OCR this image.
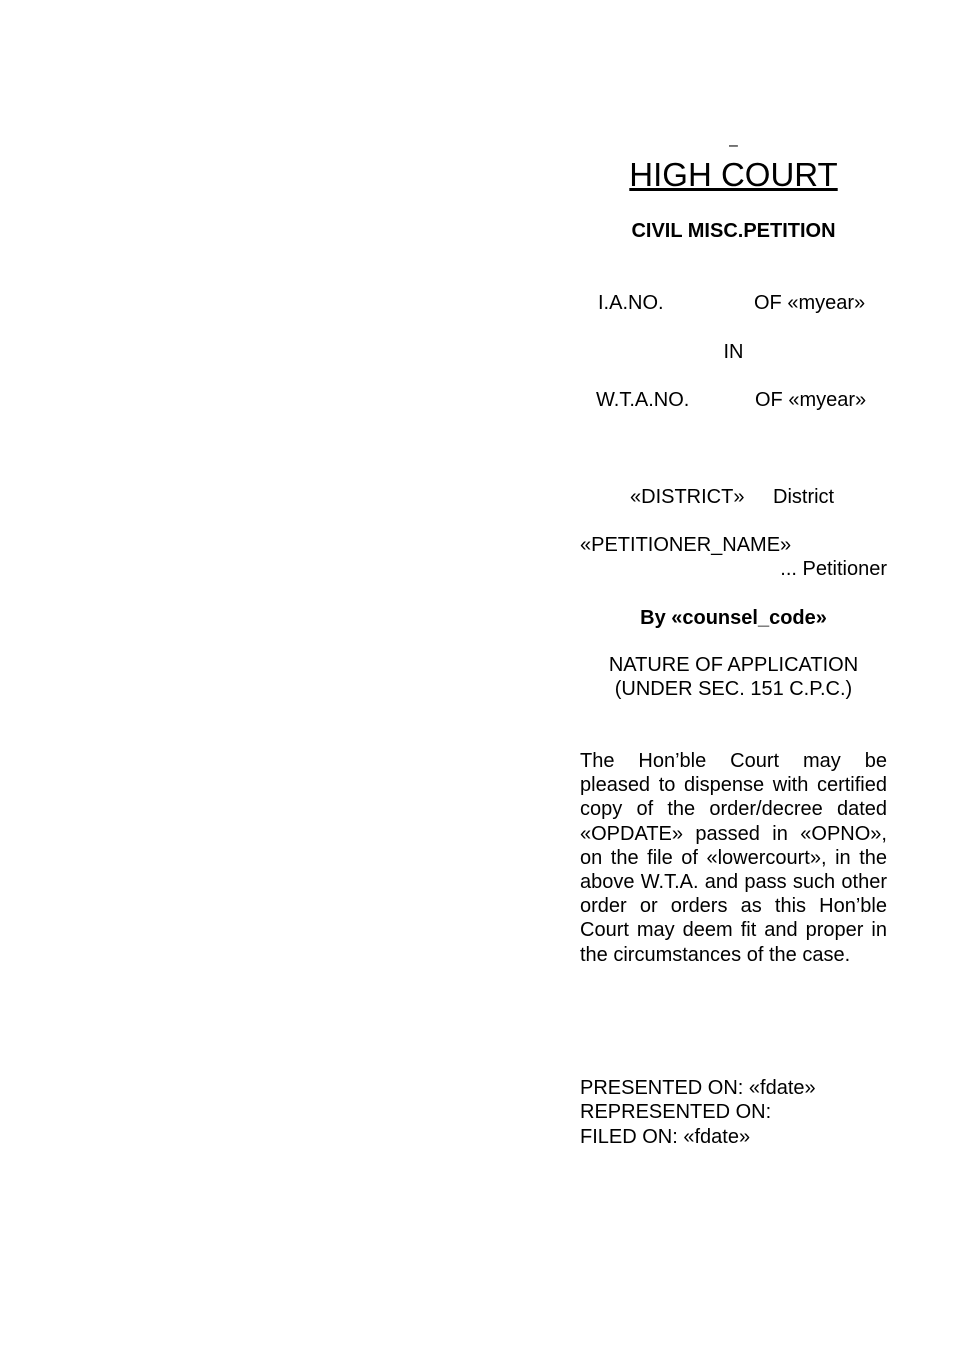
–
HIGH COURT
CIVIL MISC.PETITION
I.A.NO.	OF «myear»
IN
W.T.A.NO.	OF «myear»
«DISTRICT» District
«PETITIONER_NAME»
... Petitioner
By «counsel_code»
NATURE OF APPLICATION
(UNDER SEC. 151 C.P.C.)
The Hon’ble Court may be pleased to dispense with certified copy of the order/decree dated «OPDATE» passed in «OPNO», on the file of «lowercourt», in the above W.T.A. and pass such other order or orders as this Hon’ble Court may deem fit and proper in the circumstances of the case.
PRESENTED ON: «fdate»
REPRESENTED ON:
FILED ON: «fdate»
